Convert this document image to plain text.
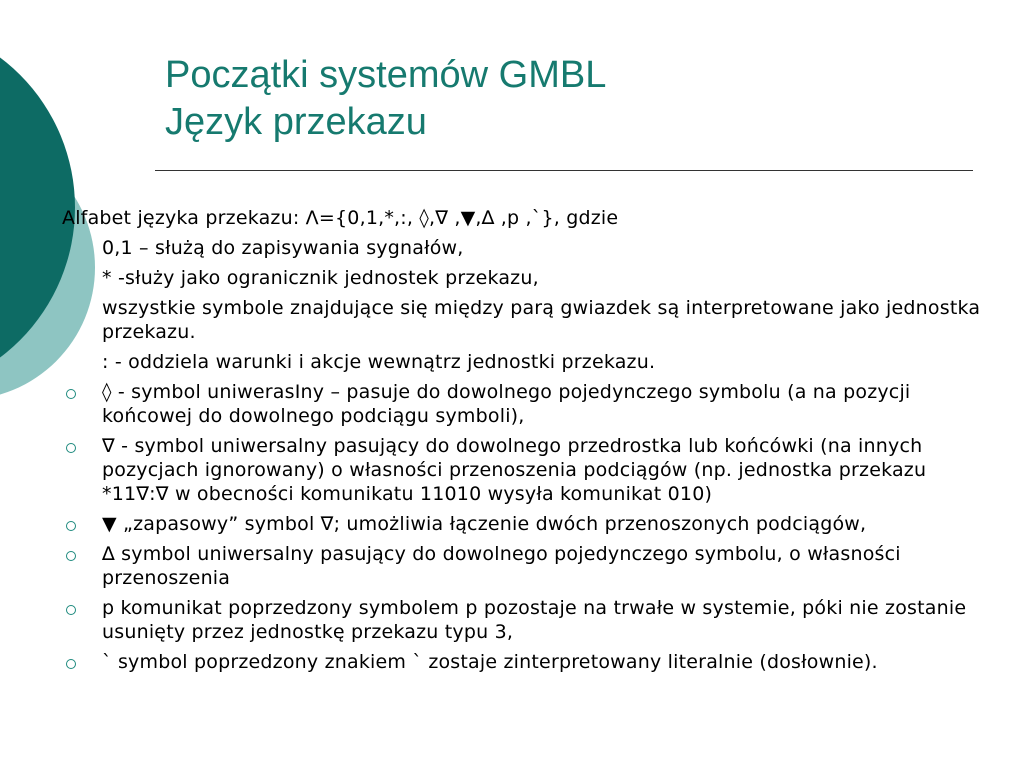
Początki systemów GMBL
Język przekazu

Alfabet języka przekazu: Λ={0,1,*,:, ◊,∇ ,▼,∆ ,p ,`}, gdzie

0,1 – służą do zapisywania sygnałów,

* -służy jako ogranicznik jednostek przekazu,

wszystkie symbole znajdujące się między parą gwiazdek są interpretowane jako jednostka przekazu.

: - oddziela warunki i akcje wewnątrz jednostki przekazu.

◊ - symbol uniwerasIny – pasuje do dowolnego pojedynczego symbolu (a na pozycji końcowej do dowolnego podciągu symboli),
∇ - symbol uniwersalny pasujący do dowolnego przedrostka lub końcówki (na innych pozycjach ignorowany) o własności przenoszenia podciągów (np. jednostka przekazu *11∇:∇ w obecności komunikatu 11010 wysyła komunikat 010)
▼ „zapasowy” symbol ∇; umożliwia łączenie dwóch przenoszonych podciągów,
∆ symbol uniwersalny pasujący do dowolnego pojedynczego symbolu, o własności przenoszenia
p komunikat poprzedzony symbolem p pozostaje na trwałe w systemie, póki nie zostanie usunięty przez jednostkę przekazu typu 3,
` symbol poprzedzony znakiem ` zostaje zinterpretowany literalnie (dosłownie).
